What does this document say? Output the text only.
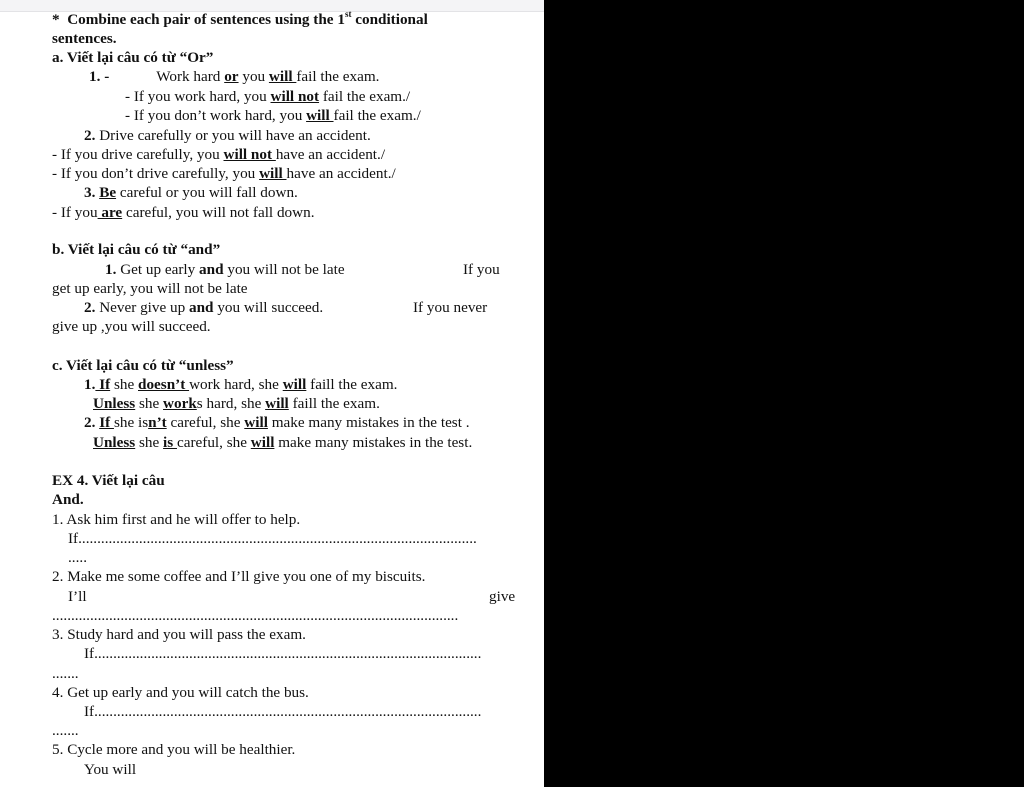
* Combine each pair of sentences using the 1st conditional
sentences.
a. Viết lại câu có từ “Or”
1. -	Work hard or you will fail the exam.
- If you work hard, you will not fail the exam./
- If you don’t work hard, you will fail the exam./
2. Drive carefully or you will have an accident.
- If you drive carefully, you will not have an accident./
- If you don’t drive carefully, you will have an accident./
3. Be careful or you will fall down.
- If you are careful, you will not fall down.
b. Viết lại câu có từ “and”
1. Get up early and you will not be late	If you
get up early, you will not be late
2. Never give up and you will succeed.	If you never
give up ,you will succeed.
c. Viết lại câu có từ “unless”
1. If she doesn’t work hard, she will faill the exam.
Unless she works hard, she will faill the exam.
2. If she isn’t careful, she will make many mistakes in the test .
Unless she is careful, she will make many mistakes in the test.
EX 4. Viết lại câu
And.
1. Ask him first and he will offer to help.
If.........................................................................................................
.....
2. Make me some coffee and I’ll give you one of my biscuits.
I’ll	give
...........................................................................................................
3. Study hard and you will pass the exam.
If......................................................................................................
.......
4. Get up early and you will catch the bus.
If......................................................................................................
.......
5. Cycle more and you will be healthier.
You will
